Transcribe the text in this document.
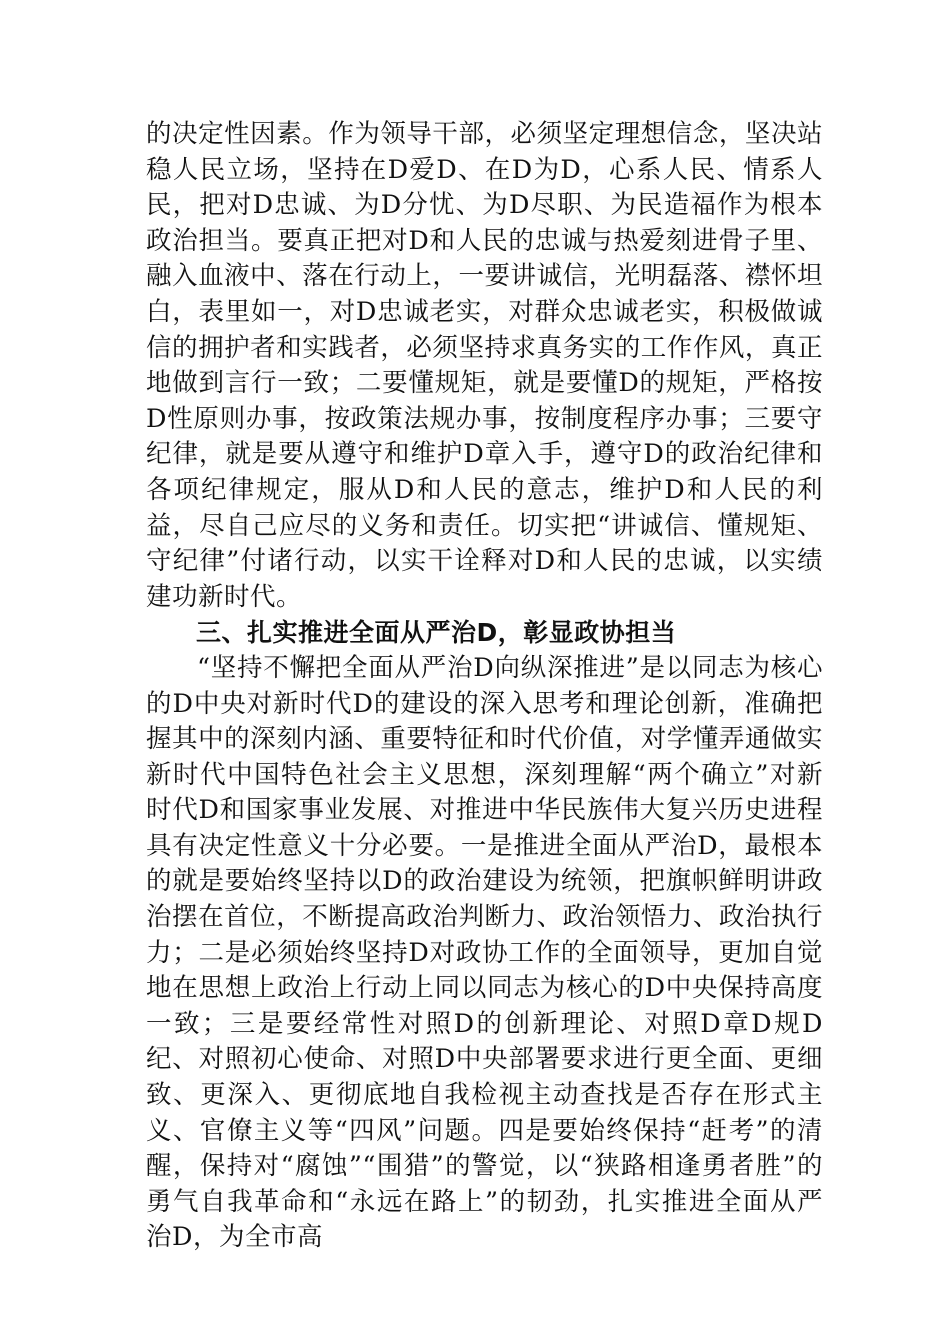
的决定性因素。作为领导干部，必须坚定理想信念，坚决站稳人民立场，坚持在D爱D、在D为D，心系人民、情系人民，把对D忠诚、为D分忧、为D尽职、为民造福作为根本政治担当。要真正把对D和人民的忠诚与热爱刻进骨子里、融入血液中、落在行动上，一要讲诚信，光明磊落、襟怀坦白，表里如一，对D忠诚老实，对群众忠诚老实，积极做诚信的拥护者和实践者，必须坚持求真务实的工作作风，真正地做到言行一致；二要懂规矩，就是要懂D的规矩，严格按D性原则办事，按政策法规办事，按制度程序办事；三要守纪律，就是要从遵守和维护D章入手，遵守D的政治纪律和各项纪律规定，服从D和人民的意志，维护D和人民的利益，尽自己应尽的义务和责任。切实把“讲诚信、懂规矩、守纪律”付诸行动，以实干诠释对D和人民的忠诚，以实绩建功新时代。

三、扎实推进全面从严治D，彰显政协担当

“坚持不懈把全面从严治D向纵深推进”是以同志为核心的D中央对新时代D的建设的深入思考和理论创新，准确把握其中的深刻内涵、重要特征和时代价值，对学懂弄通做实新时代中国特色社会主义思想，深刻理解“两个确立”对新时代D和国家事业发展、对推进中华民族伟大复兴历史进程具有决定性意义十分必要。一是推进全面从严治D，最根本的就是要始终坚持以D的政治建设为统领，把旗帜鲜明讲政治摆在首位，不断提高政治判断力、政治领悟力、政治执行力；二是必须始终坚持D对政协工作的全面领导，更加自觉地在思想上政治上行动上同以同志为核心的D中央保持高度一致；三是要经常性对照D的创新理论、对照D章D规D纪、对照初心使命、对照D中央部署要求进行更全面、更细致、更深入、更彻底地自我检视主动查找是否存在形式主义、官僚主义等“四风”问题。四是要始终保持“赶考”的清醒，保持对“腐蚀”“围猎”的警觉，以“狭路相逢勇者胜”的勇气自我革命和“永远在路上”的韧劲，扎实推进全面从严治D，为全市高
